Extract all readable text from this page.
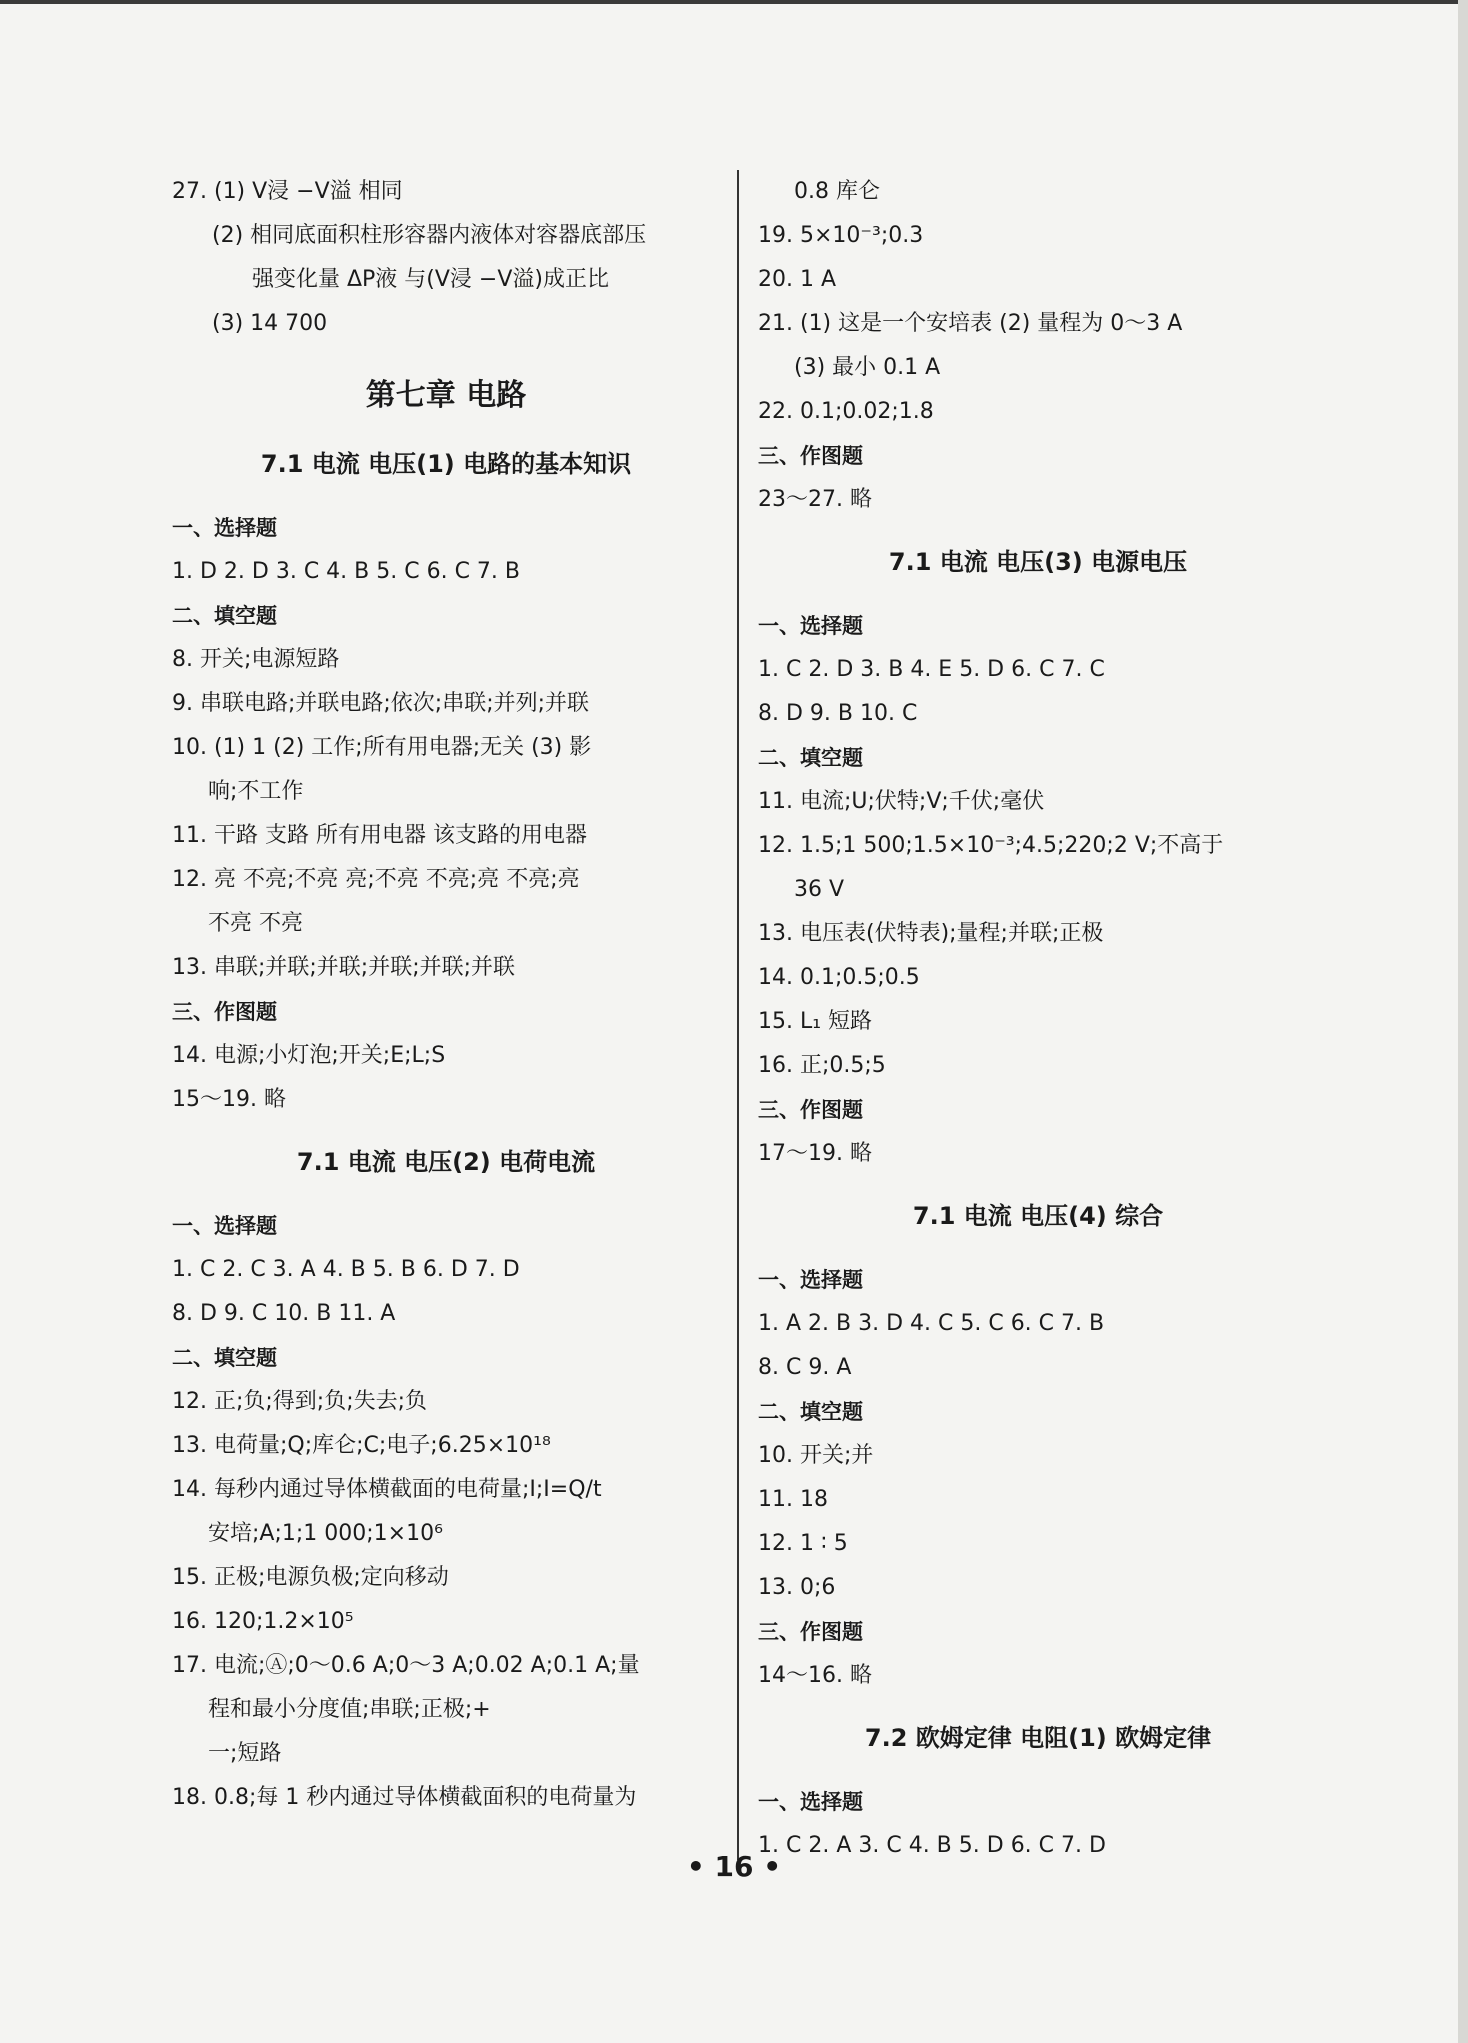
27. (1) V浸 −V溢 相同
(2) 相同底面积柱形容器内液体对容器底部压
强变化量 ΔP液 与(V浸 −V溢)成正比
(3) 14 700
第七章 电路
7.1 电流 电压(1) 电路的基本知识
一、选择题
1. D 2. D 3. C 4. B 5. C 6. C 7. B
二、填空题
8. 开关;电源短路
9. 串联电路;并联电路;依次;串联;并列;并联
10. (1) 1 (2) 工作;所有用电器;无关 (3) 影
响;不工作
11. 干路 支路 所有用电器 该支路的用电器
12. 亮 不亮;不亮 亮;不亮 不亮;亮 不亮;亮
不亮 不亮
13. 串联;并联;并联;并联;并联;并联
三、作图题
14. 电源;小灯泡;开关;E;L;S
15～19. 略
7.1 电流 电压(2) 电荷电流
一、选择题
1. C 2. C 3. A 4. B 5. B 6. D 7. D
8. D 9. C 10. B 11. A
二、填空题
12. 正;负;得到;负;失去;负
13. 电荷量;Q;库仑;C;电子;6.25×10¹⁸
14. 每秒内通过导体横截面的电荷量;I;I=Q/t
安培;A;1;1 000;1×10⁶
15. 正极;电源负极;定向移动
16. 120;1.2×10⁵
17. 电流;Ⓐ;0～0.6 A;0～3 A;0.02 A;0.1 A;量
程和最小分度值;串联;正极;+
一;短路
18. 0.8;每 1 秒内通过导体横截面积的电荷量为
0.8 库仑
19. 5×10⁻³;0.3
20. 1 A
21. (1) 这是一个安培表 (2) 量程为 0～3 A
(3) 最小 0.1 A
22. 0.1;0.02;1.8
三、作图题
23～27. 略
7.1 电流 电压(3) 电源电压
一、选择题
1. C 2. D 3. B 4. E 5. D 6. C 7. C
8. D 9. B 10. C
二、填空题
11. 电流;U;伏特;V;千伏;毫伏
12. 1.5;1 500;1.5×10⁻³;4.5;220;2 V;不高于
36 V
13. 电压表(伏特表);量程;并联;正极
14. 0.1;0.5;0.5
15. L₁ 短路
16. 正;0.5;5
三、作图题
17～19. 略
7.1 电流 电压(4) 综合
一、选择题
1. A 2. B 3. D 4. C 5. C 6. C 7. B
8. C 9. A
二、填空题
10. 开关;并
11. 18
12. 1 ∶ 5
13. 0;6
三、作图题
14～16. 略
7.2 欧姆定律 电阻(1) 欧姆定律
一、选择题
1. C 2. A 3. C 4. B 5. D 6. C 7. D
• 16 •
